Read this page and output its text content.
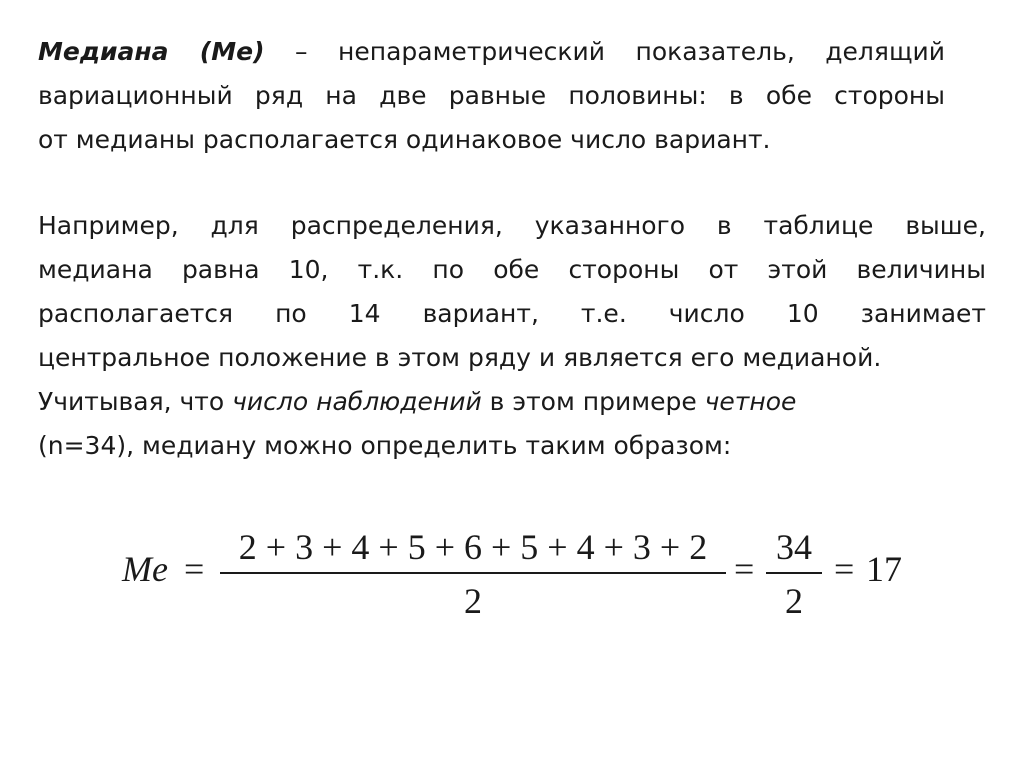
Медиана (Ме) – непараметрический показатель, делящий
вариационный ряд на две равные половины: в обе стороны
от медианы располагается одинаковое число вариант.
Например, для распределения, указанного в таблице выше,
медиана равна 10, т.к. по обе стороны от этой величины
располагается по 14 вариант, т.е. число 10 занимает
центральное положение в этом ряду и является его медианой.
Учитывая, что число наблюдений в этом примере четное
(n=34), медиану можно определить таким образом:
Me =
2 + 3 + 4 + 5 + 6 + 5 + 4 + 3 + 2
2
=
34
2
= 17
